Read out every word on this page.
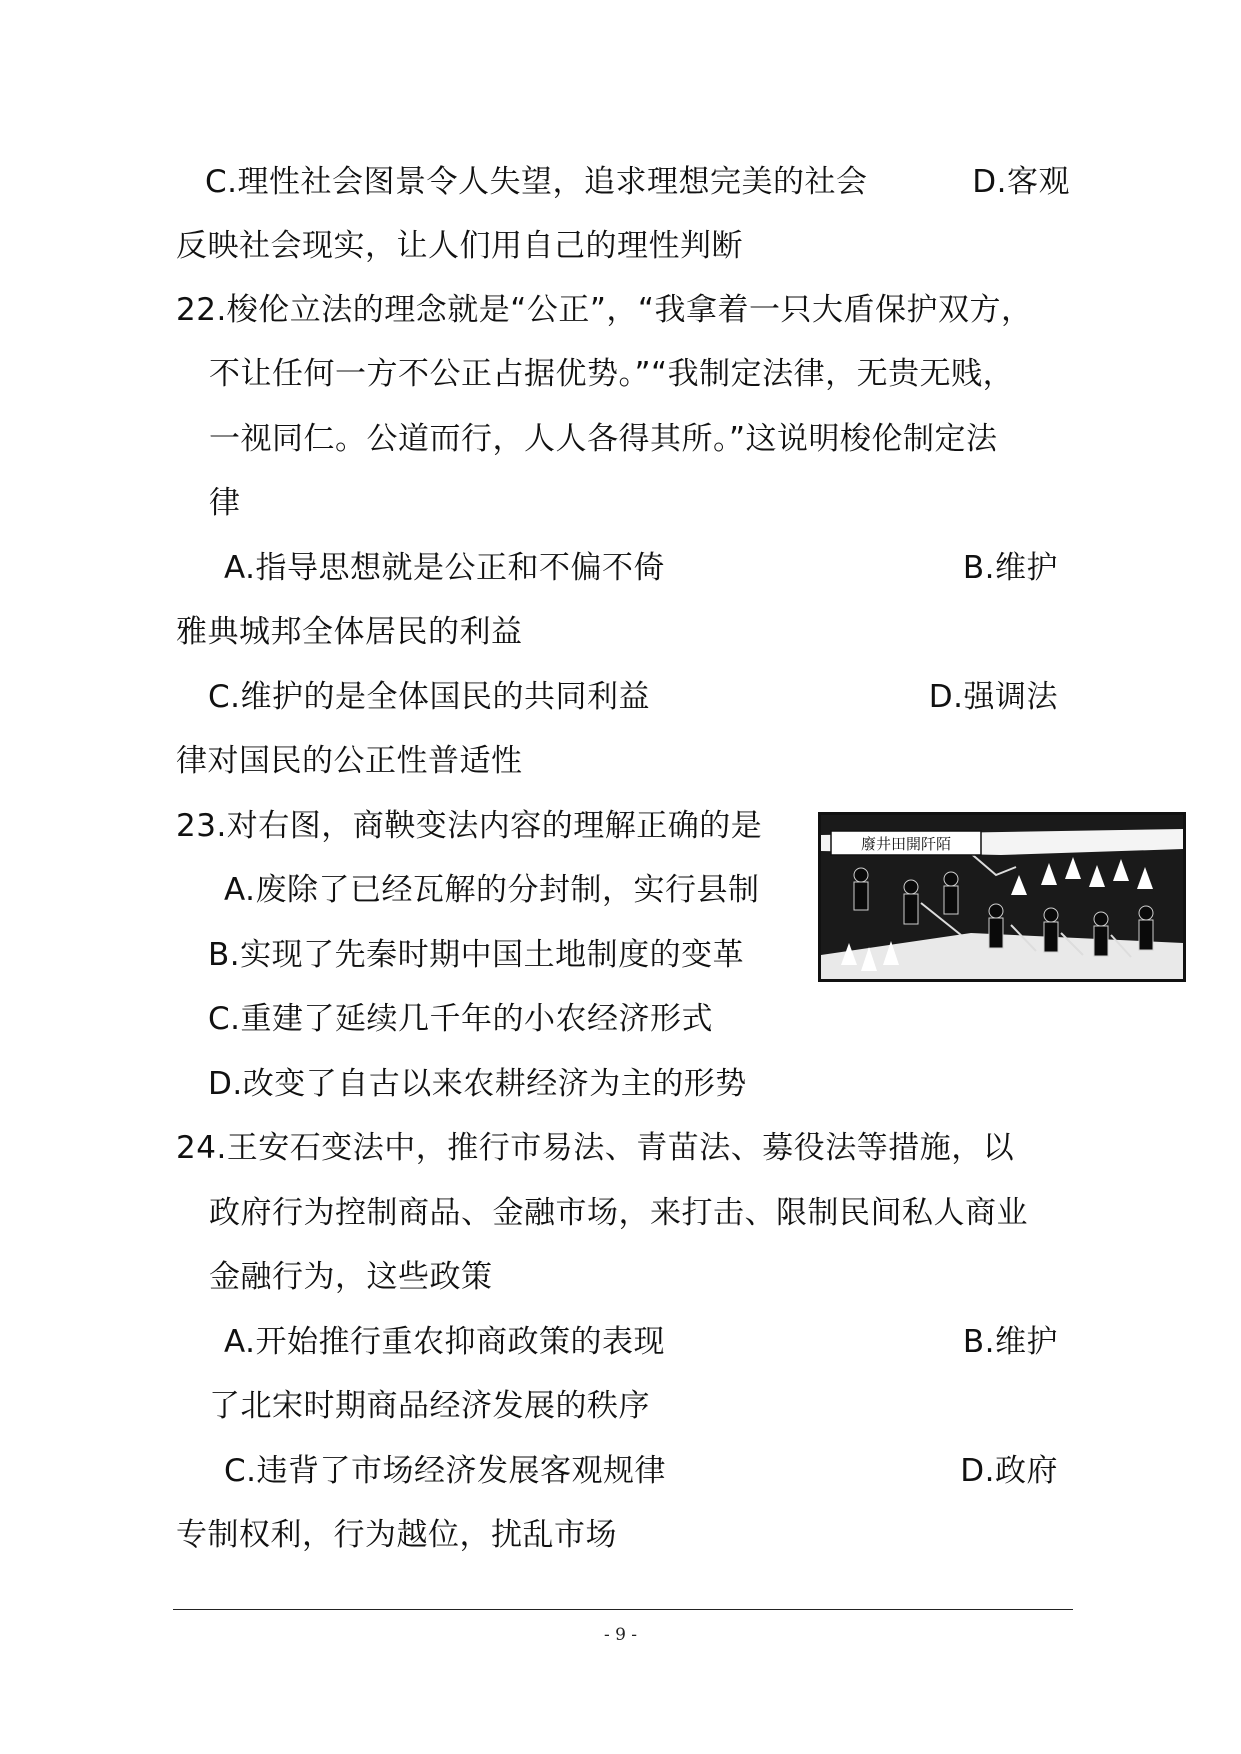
C.理性社会图景令人失望，追求理想完美的社会	D.客观
反映社会现实，让人们用自己的理性判断
22.梭伦立法的理念就是“公正”，“我拿着一只大盾保护双方，
不让任何一方不公正占据优势。”“我制定法律，无贵无贱，
一视同仁。公道而行，人人各得其所。”这说明梭伦制定法
律
A.指导思想就是公正和不偏不倚	B.维护
雅典城邦全体居民的利益
C.维护的是全体国民的共同利益	D.强调法
律对国民的公正性普适性
23.对右图，商鞅变法内容的理解正确的是
A.废除了已经瓦解的分封制，实行县制
B.实现了先秦时期中国土地制度的变革
C.重建了延续几千年的小农经济形式
D.改变了自古以来农耕经济为主的形势
廢井田開阡陌
24.王安石变法中，推行市易法、青苗法、募役法等措施，以
政府行为控制商品、金融市场，来打击、限制民间私人商业
金融行为，这些政策
A.开始推行重农抑商政策的表现	B.维护
了北宋时期商品经济发展的秩序
C.违背了市场经济发展客观规律	D.政府
专制权利，行为越位，扰乱市场
- 9 -
